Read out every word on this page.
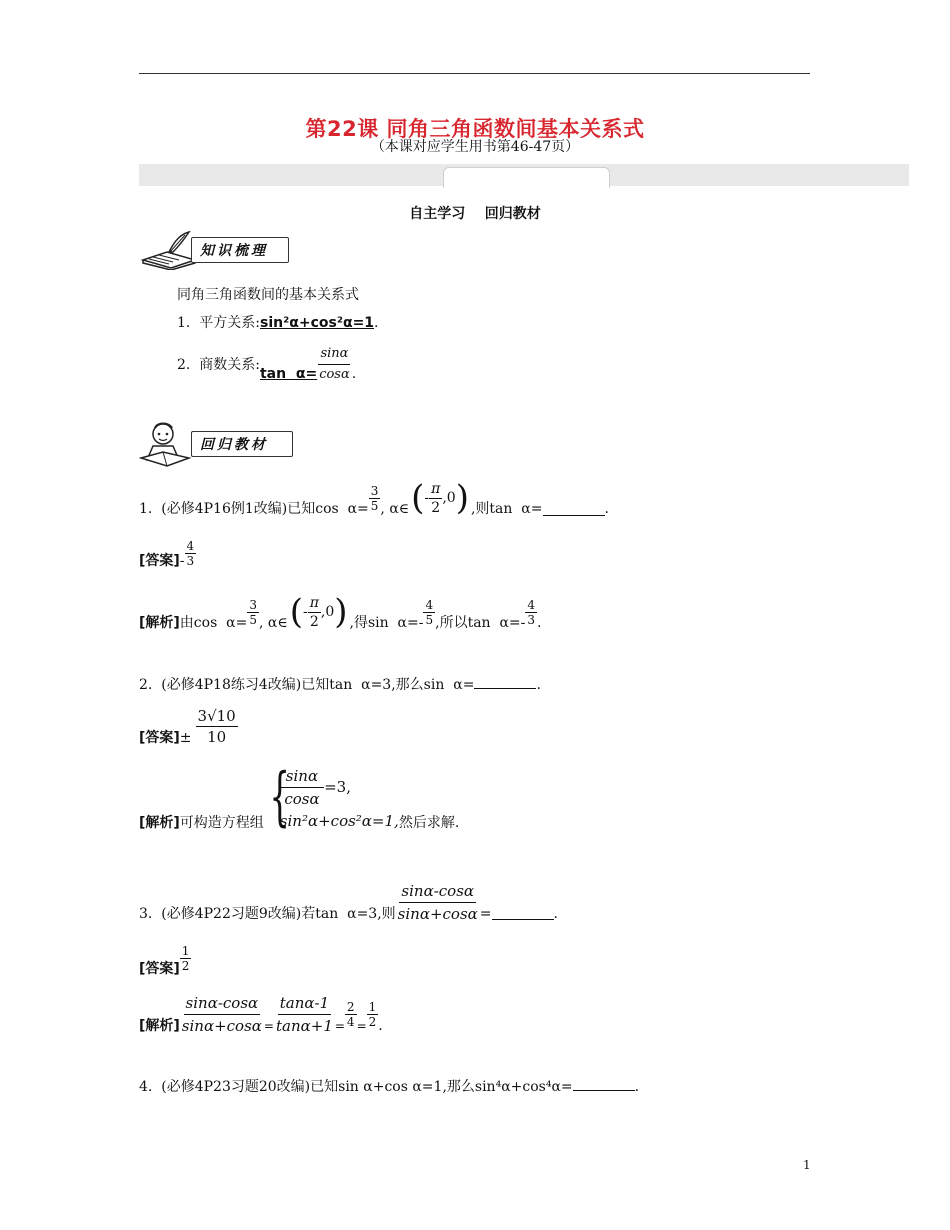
第22课 同角三角函数间基本关系式
（本课对应学生用书第46-47页）
自主学习    回归教材
知识梳理
同角三角函数间的基本关系式
1.  平方关系:sin²α+cos²α=1.
2.  商数关系:
$\tan \alpha= \frac{\sin\alpha}{\cos\alpha}$ .
回归教材
1.  (必修4P16例1改编)已知$\cos \alpha= \frac{3}{5}$ , α∈ ( - $\frac{\pi}{2} ,0$ ) ,则tan  α=	.
[答案] - $\frac{4}{3}$
[解析] 由$\cos \alpha= \frac{3}{5}$ , α∈ ( - $\frac{\pi}{2} ,0$ ) ,得$\sin \alpha=- \frac{4}{5}$ ,所以$\tan \alpha=- \frac{4}{3}$ .
2.  (必修4P18练习4改编)已知tan  α=3,那么sin  α=	.
[答案] ± $\frac{3√10}{10}$
[解析] 可构造方程组 {
$\frac{\sin\alpha}{\cos\alpha} =3$,
sin²α+cos²α=1, 然后求解.
3.  (必修4P22习题9改编)若tan  α=3,则 $\frac{\sin\alpha-\cos\alpha}{\sin\alpha+\cos\alpha}$ =	.
[答案] $\frac{1}{2}$
[解析] $\frac{\sin\alpha-\cos\alpha}{\sin\alpha+\cos\alpha} = \frac{\tan\alpha-1}{\tan\alpha+1} = \frac{2}{4} = \frac{1}{2}$ .
4.  (必修4P23习题20改编)已知sin α+cos α=1,那么sin⁴α+cos⁴α=	.
1
